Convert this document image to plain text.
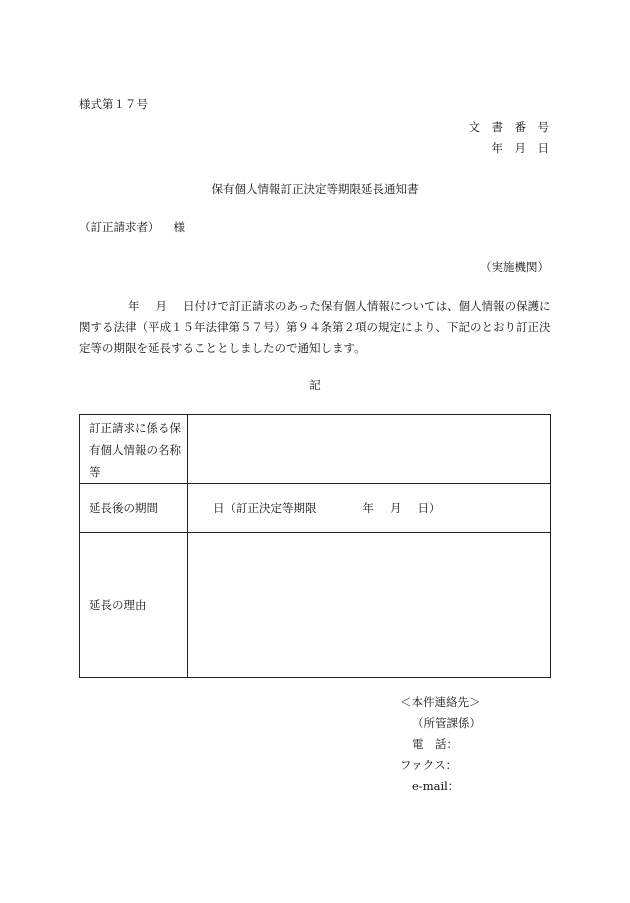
様式第１７号
文　書　番　号
年　月　日
保有個人情報訂正決定等期限延長通知書
（訂正請求者） 様
（実施機関）

年 月 日付けで訂正請求のあった保有個人情報については、個人情報の保護に関する法律（平成１５年法律第５７号）第９４条第２項の規定により、下記のとおり訂正決定等の期限を延長することとしましたので通知します。

記
訂正請求に係る保有個人情報の名称等	
延長後の期間	日（訂正決定等期限 年 月 日）
延長の理由	
＜本件連絡先＞
（所管課係）
電　話：
ファクス：
e-mail：
